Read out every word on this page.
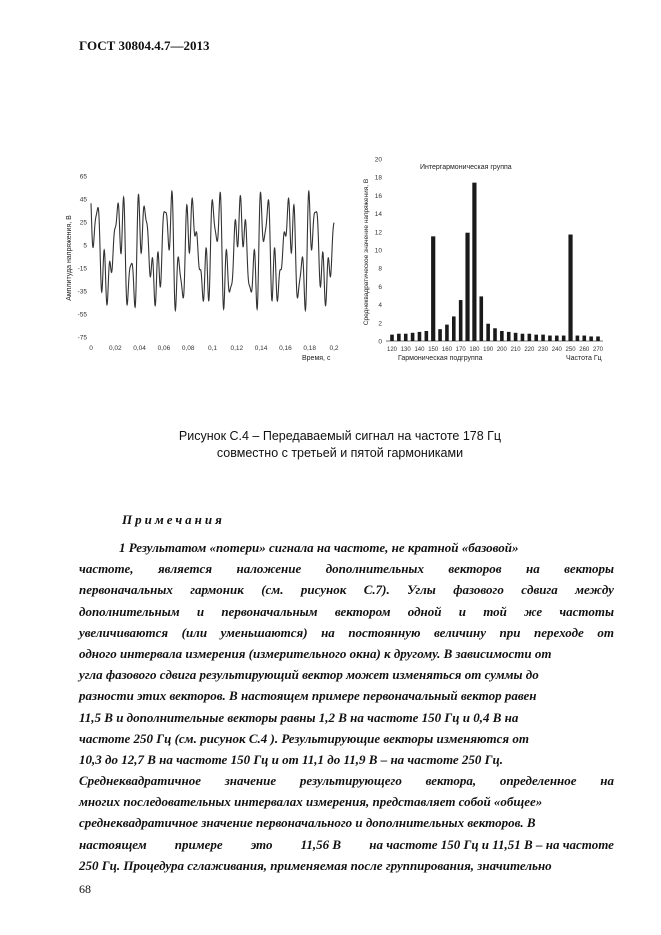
ГОСТ 30804.4.7—2013
Амплитуда напряжения, В
65
45
25
5
-15
-35
-55
-75
0 0,02 0,04 0,06 0,08 0,1 0,12 0,14 0,16 0,18 0,2
Время, с
Среднеквадратическое значение напряжения, В
Интергармоническая группа
20
18
16
14
12
10
8
6
4
2
0
120 130 140 150 160 170 180 190 200 210 220 230 240 250 260 270
Гармоническая подгруппа	Частота Гц
Рисунок С.4 – Передаваемый сигнал на частоте 178 Гц
совместно с третьей и пятой гармониками
Примечания
1 Результатом «потери» сигнала на частоте, не кратной «базовой»
частоте, является наложение дополнительных векторов на векторы
первоначальных гармоник (см. рисунок С.7). Углы фазового сдвига между
дополнительным и первоначальным вектором одной и той же частоты
увеличиваются (или уменьшаются) на постоянную величину при переходе от
одного интервала измерения (измерительного окна) к другому. В зависимости от
угла фазового сдвига результирующий вектор может изменяться от суммы до
разности этих векторов. В настоящем примере первоначальный вектор равен
11,5 В и дополнительные векторы равны 1,2 В на частоте 150 Гц и 0,4 В на
частоте 250 Гц (см. рисунок С.4 ). Результирующие векторы изменяются от
10,3 до 12,7 В на частоте 150 Гц и от 11,1 до 11,9 В – на частоте 250 Гц.
Среднеквадратичное значение результирующего вектора, определенное на
многих последовательных интервалах измерения, представляет собой «общее»
среднеквадратичное значение первоначального и дополнительных векторов. В
настоящем примере это 11,56 В на частоте 150 Гц и 11,51 В – на частоте
250 Гц. Процедура сглаживания, применяемая после группирования, значительно
68
